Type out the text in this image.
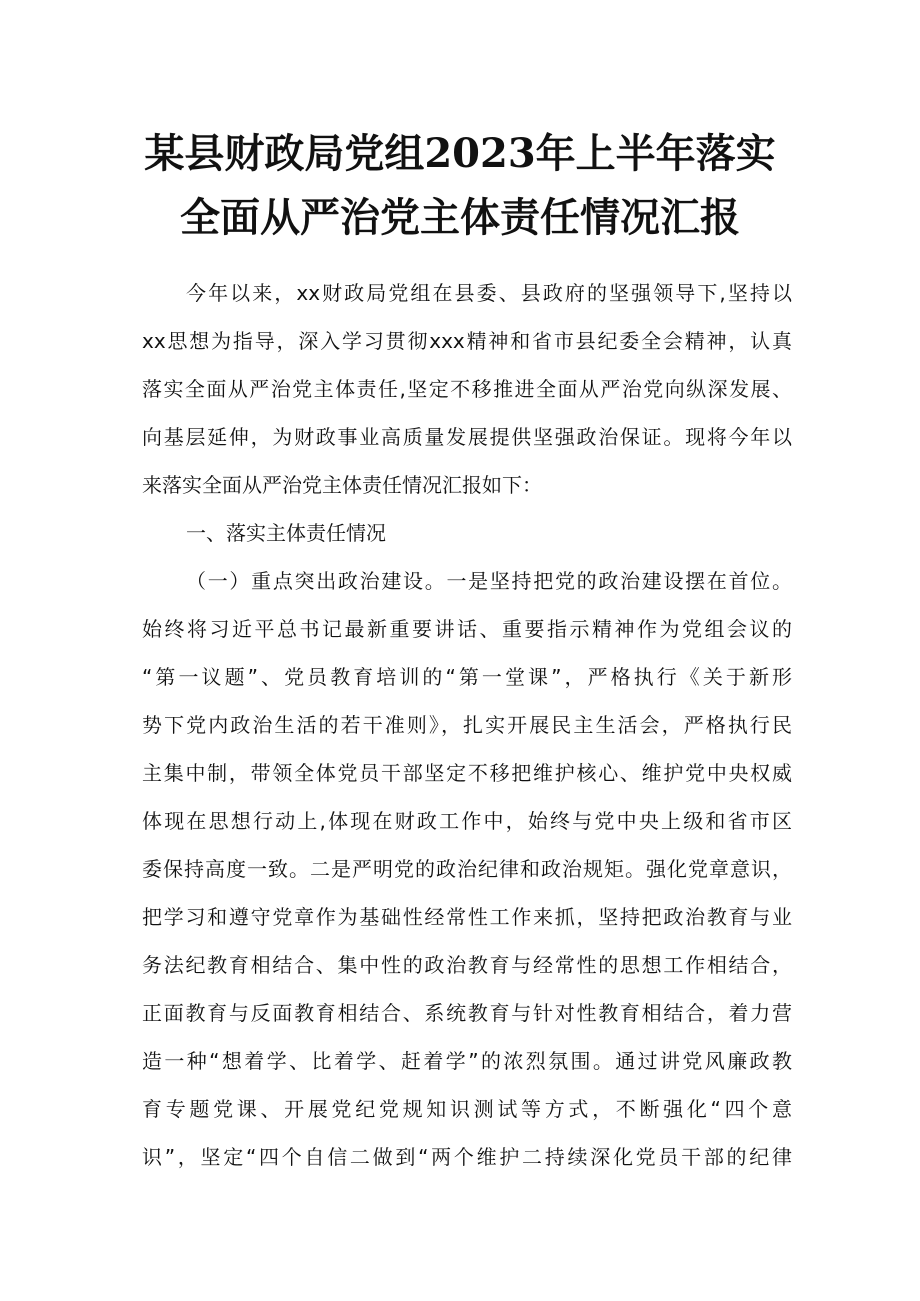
某县财政局党组2023年上半年落实
全面从严治党主体责任情况汇报
今年以来，xx财政局党组在县委、县政府的坚强领导下,坚持以
xx思想为指导，深入学习贯彻xxx精神和省市县纪委全会精神，认真
落实全面从严治党主体责任,坚定不移推进全面从严治党向纵深发展、
向基层延伸，为财政事业高质量发展提供坚强政治保证。现将今年以
来落实全面从严治党主体责任情况汇报如下：
一、落实主体责任情况
（一）重点突出政治建设。一是坚持把党的政治建设摆在首位。
始终将习近平总书记最新重要讲话、重要指示精神作为党组会议的
“第一议题”、党员教育培训的“第一堂课”，严格执行《关于新形
势下党内政治生活的若干准则》，扎实开展民主生活会，严格执行民
主集中制，带领全体党员干部坚定不移把维护核心、维护党中央权威
体现在思想行动上,体现在财政工作中，始终与党中央上级和省市区
委保持高度一致。二是严明党的政治纪律和政治规矩。强化党章意识，
把学习和遵守党章作为基础性经常性工作来抓，坚持把政治教育与业
务法纪教育相结合、集中性的政治教育与经常性的思想工作相结合，
正面教育与反面教育相结合、系统教育与针对性教育相结合，着力营
造一种“想着学、比着学、赶着学”的浓烈氛围。通过讲党风廉政教
育专题党课、开展党纪党规知识测试等方式，不断强化“四个意
识”，坚定“四个自信二做到“两个维护二持续深化党员干部的纪律
